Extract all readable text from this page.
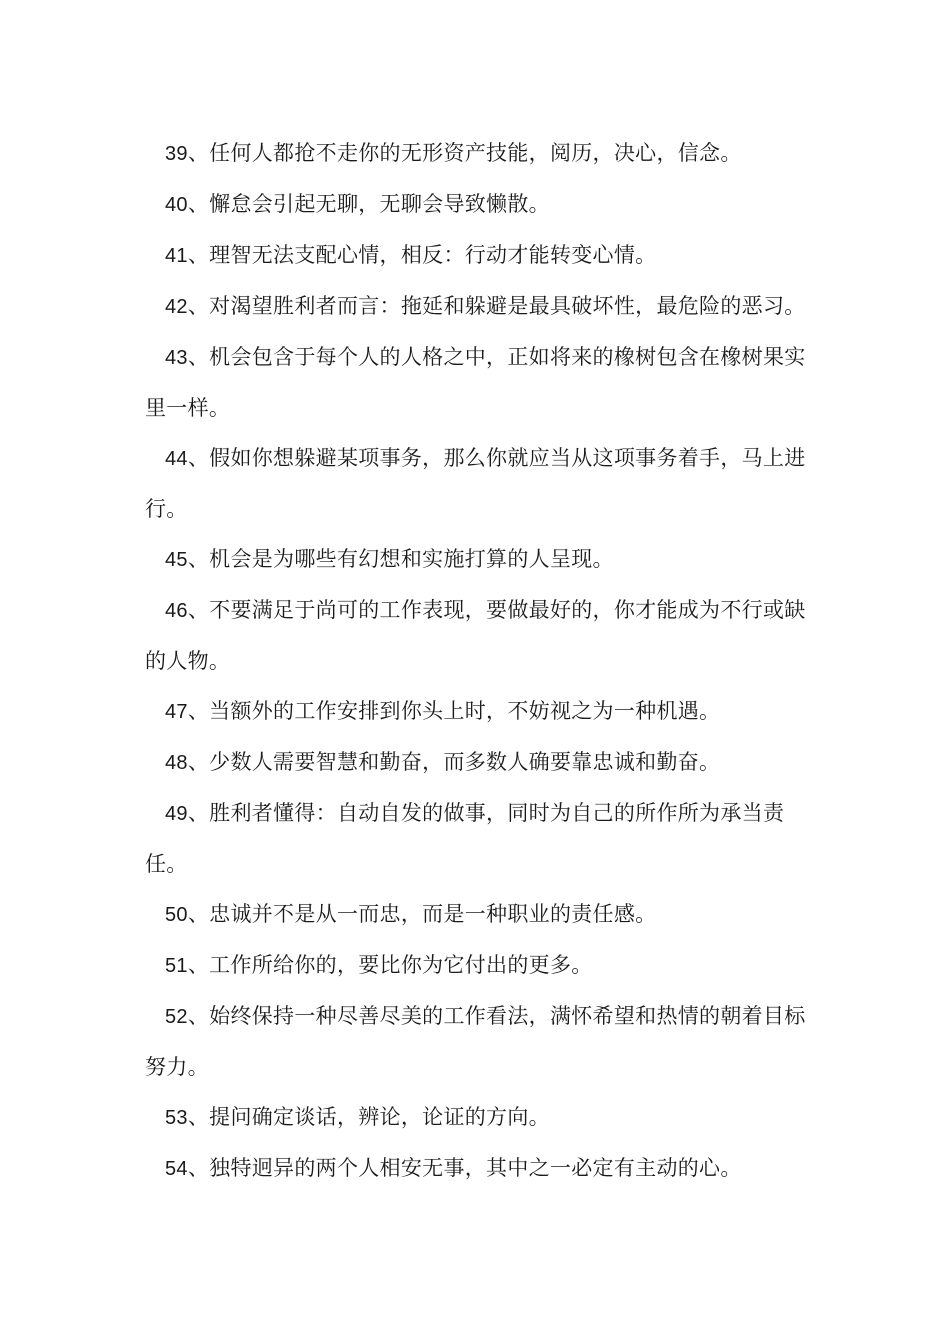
39、任何人都抢不走你的无形资产技能，阅历，决心，信念。

40、懈怠会引起无聊，无聊会导致懒散。

41、理智无法支配心情，相反：行动才能转变心情。

42、对渴望胜利者而言：拖延和躲避是最具破坏性，最危险的恶习。

43、机会包含于每个人的人格之中，正如将来的橡树包含在橡树果实里一样。

44、假如你想躲避某项事务，那么你就应当从这项事务着手，马上进行。

45、机会是为哪些有幻想和实施打算的人呈现。

46、不要满足于尚可的工作表现，要做最好的，你才能成为不行或缺的人物。

47、当额外的工作安排到你头上时，不妨视之为一种机遇。

48、少数人需要智慧和勤奋，而多数人确要靠忠诚和勤奋。

49、胜利者懂得：自动自发的做事，同时为自己的所作所为承当责任。

50、忠诚并不是从一而忠，而是一种职业的责任感。

51、工作所给你的，要比你为它付出的更多。

52、始终保持一种尽善尽美的工作看法，满怀希望和热情的朝着目标努力。

53、提问确定谈话，辨论，论证的方向。

54、独特迥异的两个人相安无事，其中之一必定有主动的心。
